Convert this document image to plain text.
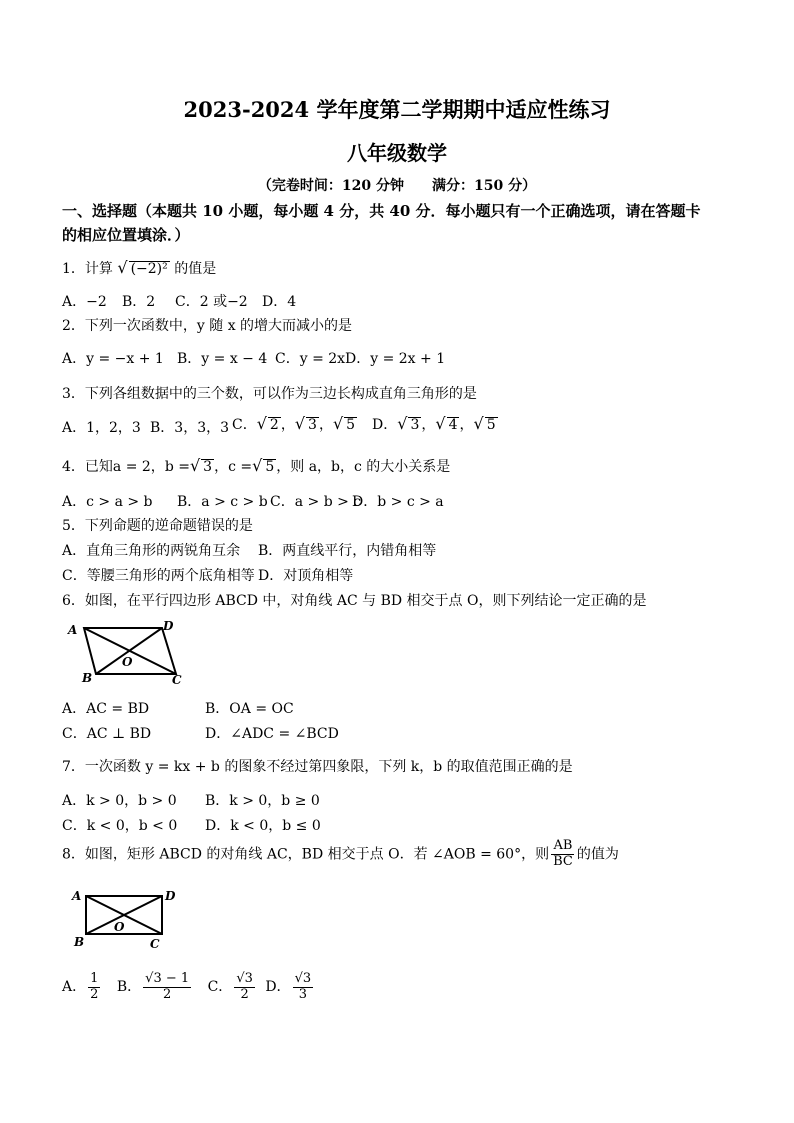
2023-2024 学年度第二学期期中适应性练习
八年级数学
（完卷时间：120 分钟　　满分：150 分）
一、选择题（本题共 10 小题，每小题 4 分，共 40 分．每小题只有一个正确选项，请在答题卡
的相应位置填涂．）
1．计算 √ (−2)² 的值是
A．−2 B．2 C．2 或−2 D．4
2．下列一次函数中，y 随 x 的增大而减小的是
A．y = −x + 1 B．y = x − 4 C．y = 2x D．y = 2x + 1
3．下列各组数据中的三个数，可以作为三边长构成直角三角形的是
A．1，2，3 B．3，3，3 C．√ 2 ，√ 3 ，√ 5 D．√ 3 ，√ 4 ，√ 5
4．已知a = 2，b =√ 3 ，c =√ 5 ，则 a，b，c 的大小关系是
A．c > a > b B．a > c > b C．a > b > c
D．b > c > a
5．下列命题的逆命题错误的是
A．直角三角形的两锐角互余 B．两直线平行，内错角相等
C．等腰三角形的两个底角相等 D．对顶角相等
6．如图，在平行四边形 ABCD 中，对角线 AC 与 BD 相交于点 O，则下列结论一定正确的是
A	D
B	C
O
A．AC = BD	B．OA = OC
C．AC ⊥ BD	D．∠ADC = ∠BCD
7．一次函数 y = kx + b 的图象不经过第四象限，下列 k，b 的取值范围正确的是
A．k > 0，b > 0 B．k > 0，b ≥ 0
C．k < 0，b < 0 D．k < 0，b ≤ 0
8．如图，矩形 ABCD 的对角线 AC，BD 相交于点 O．若 ∠AOB = 60°，则 $\frac{AB}{BC}$ 的值为
A	D
B	C
O
A． $\frac{1}{2}$ B． $\frac{√3 - 1}{2}$ C． $\frac{√3}{2}$ D． $\frac{√3}{3}$
